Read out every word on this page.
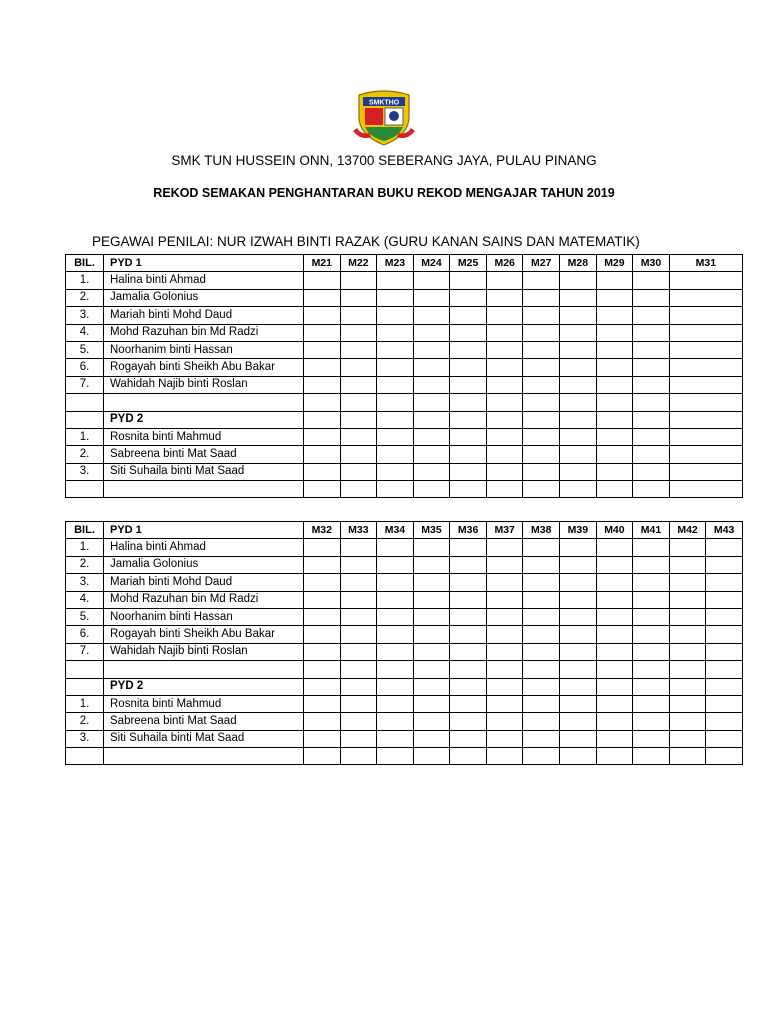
SMKTHO
SMK TUN HUSSEIN ONN, 13700 SEBERANG JAYA, PULAU PINANG
REKOD SEMAKAN PENGHANTARAN BUKU REKOD MENGAJAR TAHUN 2019
PEGAWAI PENILAI: NUR IZWAH BINTI RAZAK (GURU KANAN SAINS DAN MATEMATIK)
BIL.	PYD 1	M21	M22	M23	M24	M25	M26	M27	M28	M29	M30	M31
1.	Halina binti Ahmad											
2.	Jamalia Golonius											
3.	Mariah binti Mohd Daud											
4.	Mohd Razuhan bin Md Radzi											
5.	Noorhanim binti Hassan											
6.	Rogayah binti Sheikh Abu Bakar											
7.	Wahidah Najib binti Roslan											

	PYD 2											
1.	Rosnita binti Mahmud											
2.	Sabreena binti Mat Saad											
3.	Siti Suhaila binti Mat Saad											

BIL.	PYD 1	M32	M33	M34	M35	M36	M37	M38	M39	M40	M41	M42	M43
1.	Halina binti Ahmad												
2.	Jamalia Golonius												
3.	Mariah binti Mohd Daud												
4.	Mohd Razuhan bin Md Radzi												
5.	Noorhanim binti Hassan												
6.	Rogayah binti Sheikh Abu Bakar												
7.	Wahidah Najib binti Roslan												

	PYD 2												
1.	Rosnita binti Mahmud												
2.	Sabreena binti Mat Saad												
3.	Siti Suhaila binti Mat Saad												
